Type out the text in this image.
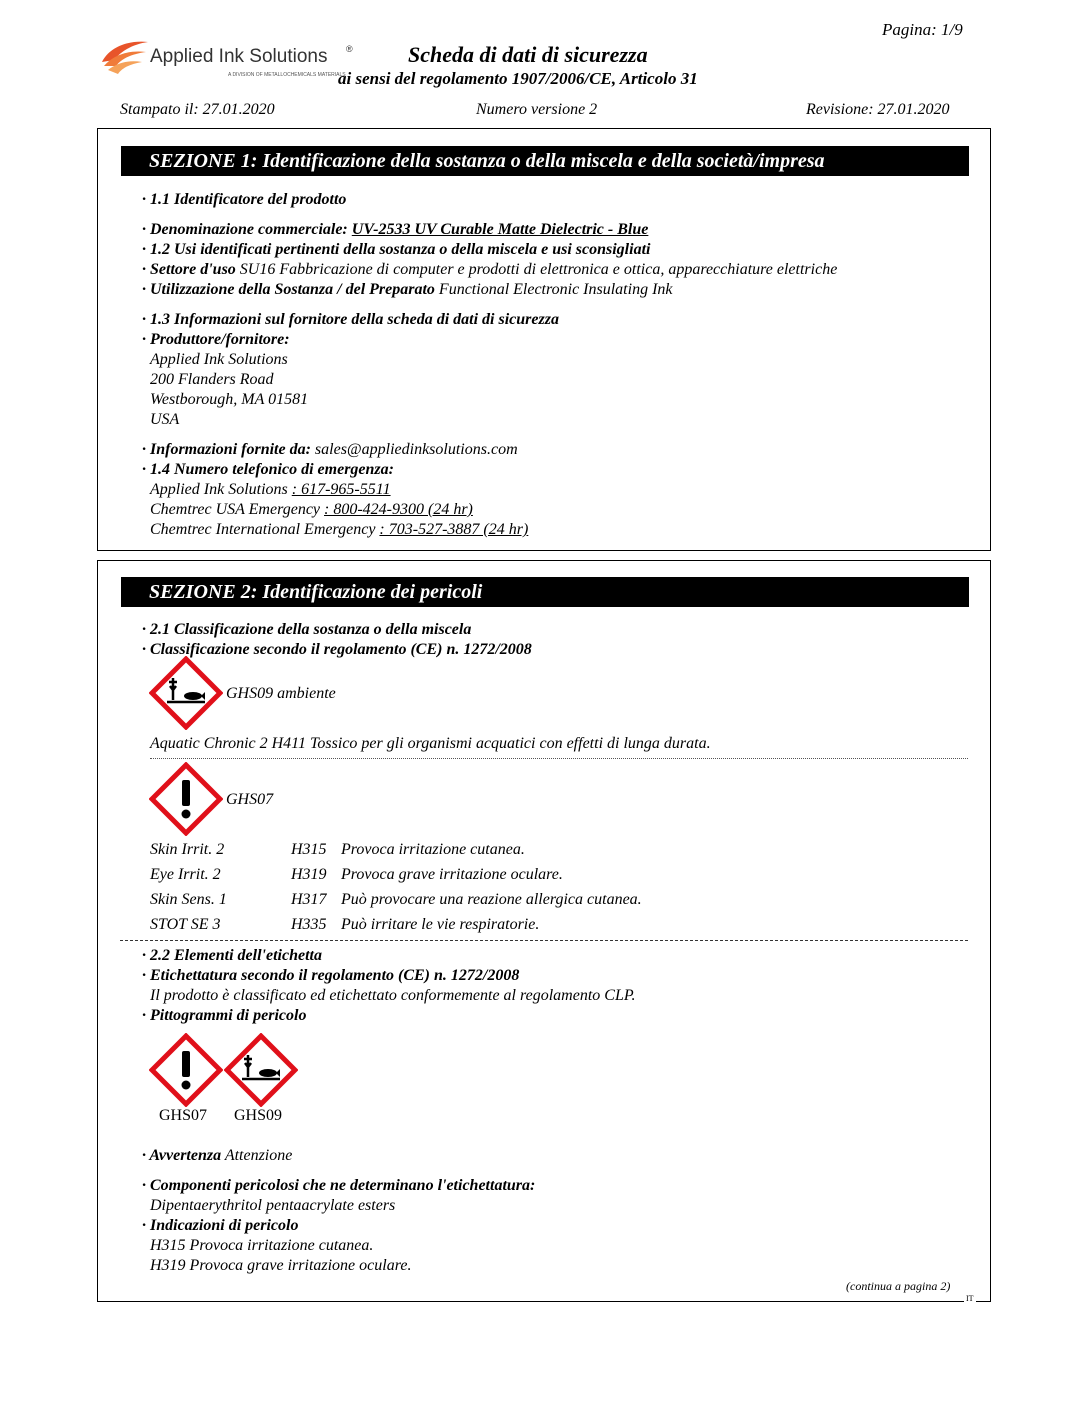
Pagina: 1/9
Applied Ink Solutions ®
A DIVISION OF METALLOCHEMICALS MATERIALS
Scheda di dati di sicurezza
ai sensi del regolamento 1907/2006/CE, Articolo 31
Stampato il: 27.01.2020	Numero versione 2	Revisione: 27.01.2020
SEZIONE 1: Identificazione della sostanza o della miscela e della società/impresa
· 1.1 Identificatore del prodotto
· Denominazione commerciale: UV-2533 UV Curable Matte Dielectric - Blue
· 1.2 Usi identificati pertinenti della sostanza o della miscela e usi sconsigliati
· Settore d'uso SU16 Fabbricazione di computer e prodotti di elettronica e ottica, apparecchiature elettriche
· Utilizzazione della Sostanza / del Preparato Functional Electronic Insulating Ink
· 1.3 Informazioni sul fornitore della scheda di dati di sicurezza
· Produttore/fornitore:
Applied Ink Solutions
200 Flanders Road
Westborough, MA 01581
USA
· Informazioni fornite da: sales@appliedinksolutions.com
· 1.4 Numero telefonico di emergenza:
Applied Ink Solutions : 617-965-5511
Chemtrec USA Emergency : 800-424-9300 (24 hr)
Chemtrec International Emergency : 703-527-3887 (24 hr)
SEZIONE 2: Identificazione dei pericoli
· 2.1 Classificazione della sostanza o della miscela
· Classificazione secondo il regolamento (CE) n. 1272/2008
GHS09 ambiente
Aquatic Chronic 2 H411 Tossico per gli organismi acquatici con effetti di lunga durata.
GHS07
Skin Irrit. 2	H315 Provoca irritazione cutanea.
Eye Irrit. 2	H319 Provoca grave irritazione oculare.
Skin Sens. 1	H317 Può provocare una reazione allergica cutanea.
STOT SE 3	H335 Può irritare le vie respiratorie.
· 2.2 Elementi dell'etichetta
· Etichettatura secondo il regolamento (CE) n. 1272/2008
Il prodotto è classificato ed etichettato conformemente al regolamento CLP.
· Pittogrammi di pericolo
GHS07 GHS09
· Avvertenza Attenzione
· Componenti pericolosi che ne determinano l'etichettatura:
Dipentaerythritol pentaacrylate esters
· Indicazioni di pericolo
H315 Provoca irritazione cutanea.
H319 Provoca grave irritazione oculare.
(continua a pagina 2)
IT
